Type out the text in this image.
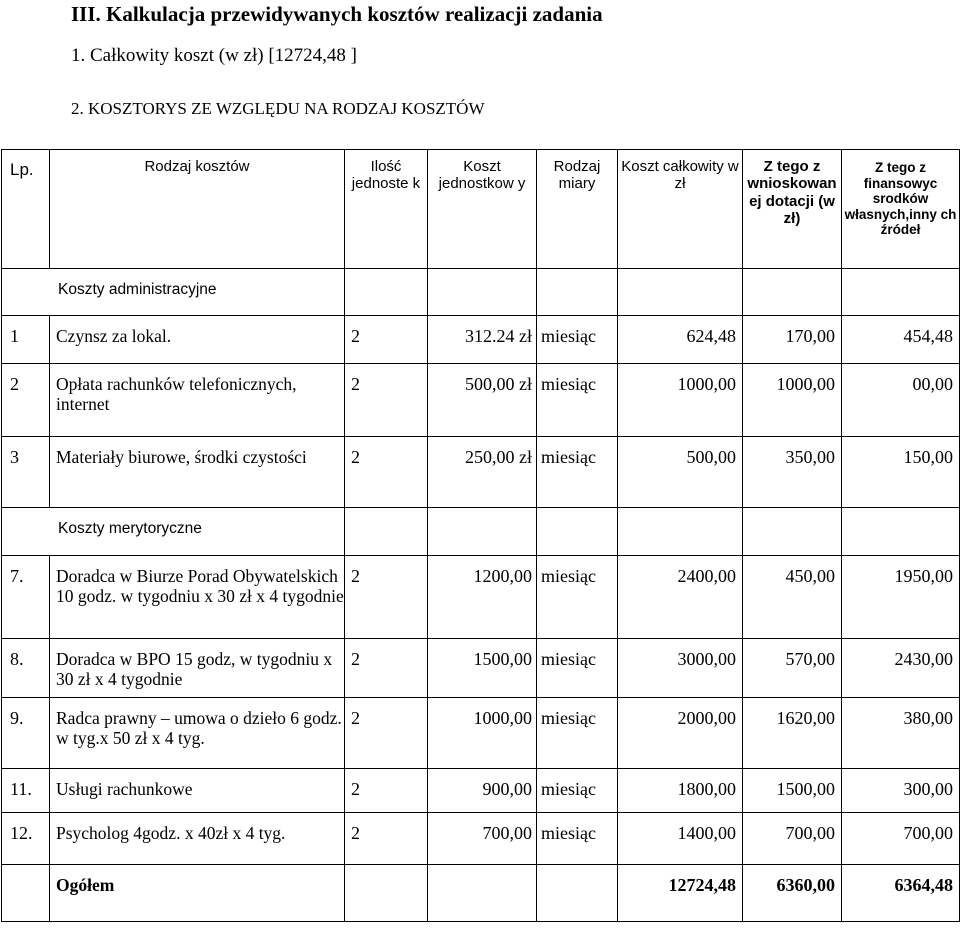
III. Kalkulacja przewidywanych kosztów realizacji zadania
1. Całkowity koszt (w zł) [12724,48 ]
2. KOSZTORYS ZE WZGLĘDU NA RODZAJ KOSZTÓW
Lp.	Rodzaj kosztów	Ilość jednoste k	Koszt jednostkow y	Rodzaj miary	Koszt całkowity w zł	Z tego z wnioskowan ej dotacji (w zł)	Z tego z finansowyc srodków własnych,inny ch źródeł
Koszty administracyjne							
1	Czynsz za lokal.	2	312.24 zł	miesiąc	624,48	170,00	454,48
2	Opłata rachunków telefonicznych, internet	2	500,00 zł	miesiąc	1000,00	1000,00	00,00
3	Materiały biurowe, środki czystości	2	250,00 zł	miesiąc	500,00	350,00	150,00
Koszty merytoryczne							
7.	Doradca w Biurze Porad Obywatelskich 10 godz. w tygodniu x 30 zł x 4 tygodnie	2	1200,00	miesiąc	2400,00	450,00	1950,00
8.	Doradca w BPO 15 godz, w tygodniu x 30 zł x 4 tygodnie	2	1500,00	miesiąc	3000,00	570,00	2430,00
9.	Radca prawny – umowa o dzieło 6 godz. w tyg.x 50 zł x 4 tyg.	2	1000,00	miesiąc	2000,00	1620,00	380,00
11.	Usługi rachunkowe	2	900,00	miesiąc	1800,00	1500,00	300,00
12.	Psycholog 4godz. x 40zł x 4 tyg.	2	700,00	miesiąc	1400,00	700,00	700,00
	Ogółem				12724,48	6360,00	6364,48
